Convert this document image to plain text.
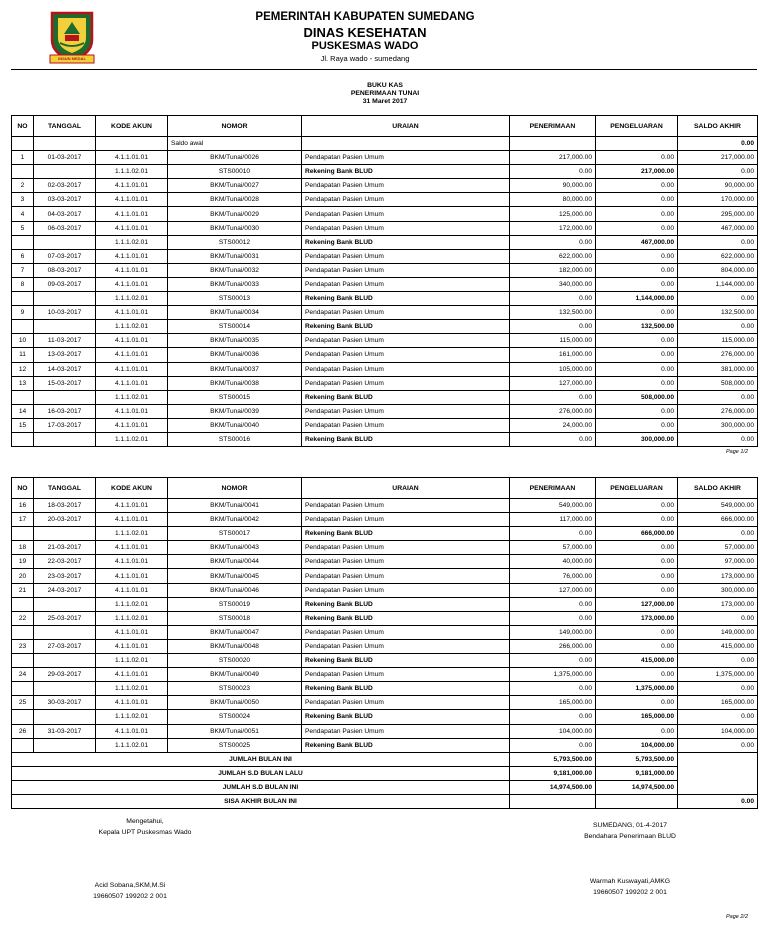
INSUN MEDAL
PEMERINTAH KABUPATEN SUMEDANG
DINAS KESEHATAN
PUSKESMAS WADO
Jl. Raya wado - sumedang
BUKU KAS
PENERIMAAN TUNAI
31 Maret 2017
NO	TANGGAL	KODE AKUN	NOMOR	URAIAN	PENERIMAAN	PENGELUARAN	SALDO AKHIR
			Saldo awal				0.00
1	01-03-2017	4.1.1.01.01	BKM/Tunai/0026	Pendapatan Pasien Umum	217,000.00	0.00	217,000.00
		1.1.1.02.01	STS00010	Rekening Bank BLUD	0.00	217,000.00	0.00
2	02-03-2017	4.1.1.01.01	BKM/Tunai/0027	Pendapatan Pasien Umum	90,000.00	0.00	90,000.00
3	03-03-2017	4.1.1.01.01	BKM/Tunai/0028	Pendapatan Pasien Umum	80,000.00	0.00	170,000.00
4	04-03-2017	4.1.1.01.01	BKM/Tunai/0029	Pendapatan Pasien Umum	125,000.00	0.00	295,000.00
5	06-03-2017	4.1.1.01.01	BKM/Tunai/0030	Pendapatan Pasien Umum	172,000.00	0.00	467,000.00
		1.1.1.02.01	STS00012	Rekening Bank BLUD	0.00	467,000.00	0.00
6	07-03-2017	4.1.1.01.01	BKM/Tunai/0031	Pendapatan Pasien Umum	622,000.00	0.00	622,000.00
7	08-03-2017	4.1.1.01.01	BKM/Tunai/0032	Pendapatan Pasien Umum	182,000.00	0.00	804,000.00
8	09-03-2017	4.1.1.01.01	BKM/Tunai/0033	Pendapatan Pasien Umum	340,000.00	0.00	1,144,000.00
		1.1.1.02.01	STS00013	Rekening Bank BLUD	0.00	1,144,000.00	0.00
9	10-03-2017	4.1.1.01.01	BKM/Tunai/0034	Pendapatan Pasien Umum	132,500.00	0.00	132,500.00
		1.1.1.02.01	STS00014	Rekening Bank BLUD	0.00	132,500.00	0.00
10	11-03-2017	4.1.1.01.01	BKM/Tunai/0035	Pendapatan Pasien Umum	115,000.00	0.00	115,000.00
11	13-03-2017	4.1.1.01.01	BKM/Tunai/0036	Pendapatan Pasien Umum	161,000.00	0.00	276,000.00
12	14-03-2017	4.1.1.01.01	BKM/Tunai/0037	Pendapatan Pasien Umum	105,000.00	0.00	381,000.00
13	15-03-2017	4.1.1.01.01	BKM/Tunai/0038	Pendapatan Pasien Umum	127,000.00	0.00	508,000.00
		1.1.1.02.01	STS00015	Rekening Bank BLUD	0.00	508,000.00	0.00
14	16-03-2017	4.1.1.01.01	BKM/Tunai/0039	Pendapatan Pasien Umum	276,000.00	0.00	276,000.00
15	17-03-2017	4.1.1.01.01	BKM/Tunai/0040	Pendapatan Pasien Umum	24,000.00	0.00	300,000.00
		1.1.1.02.01	STS00016	Rekening Bank BLUD	0.00	300,000.00	0.00
Page 1/2
NO	TANGGAL	KODE AKUN	NOMOR	URAIAN	PENERIMAAN	PENGELUARAN	SALDO AKHIR
16	18-03-2017	4.1.1.01.01	BKM/Tunai/0041	Pendapatan Pasien Umum	549,000.00	0.00	549,000.00
17	20-03-2017	4.1.1.01.01	BKM/Tunai/0042	Pendapatan Pasien Umum	117,000.00	0.00	666,000.00
		1.1.1.02.01	STS00017	Rekening Bank BLUD	0.00	666,000.00	0.00
18	21-03-2017	4.1.1.01.01	BKM/Tunai/0043	Pendapatan Pasien Umum	57,000.00	0.00	57,000.00
19	22-03-2017	4.1.1.01.01	BKM/Tunai/0044	Pendapatan Pasien Umum	40,000.00	0.00	97,000.00
20	23-03-2017	4.1.1.01.01	BKM/Tunai/0045	Pendapatan Pasien Umum	76,000.00	0.00	173,000.00
21	24-03-2017	4.1.1.01.01	BKM/Tunai/0046	Pendapatan Pasien Umum	127,000.00	0.00	300,000.00
		1.1.1.02.01	STS00019	Rekening Bank BLUD	0.00	127,000.00	173,000.00
22	25-03-2017	1.1.1.02.01	STS00018	Rekening Bank BLUD	0.00	173,000.00	0.00
		4.1.1.01.01	BKM/Tunai/0047	Pendapatan Pasien Umum	149,000.00	0.00	149,000.00
23	27-03-2017	4.1.1.01.01	BKM/Tunai/0048	Pendapatan Pasien Umum	266,000.00	0.00	415,000.00
		1.1.1.02.01	STS00020	Rekening Bank BLUD	0.00	415,000.00	0.00
24	29-03-2017	4.1.1.01.01	BKM/Tunai/0049	Pendapatan Pasien Umum	1,375,000.00	0.00	1,375,000.00
		1.1.1.02.01	STS00023	Rekening Bank BLUD	0.00	1,375,000.00	0.00
25	30-03-2017	4.1.1.01.01	BKM/Tunai/0050	Pendapatan Pasien Umum	165,000.00	0.00	165,000.00
		1.1.1.02.01	STS00024	Rekening Bank BLUD	0.00	165,000.00	0.00
26	31-03-2017	4.1.1.01.01	BKM/Tunai/0051	Pendapatan Pasien Umum	104,000.00	0.00	104,000.00
		1.1.1.02.01	STS00025	Rekening Bank BLUD	0.00	104,000.00	0.00
JUMLAH BULAN INI					5,793,500.00	5,793,500.00	
JUMLAH S.D BULAN LALU					9,181,000.00	9,181,000.00	
JUMLAH S.D BULAN INI					14,974,500.00	14,974,500.00	
SISA AKHIR BULAN INI							0.00
Mengetahui,
Kepala UPT Puskesmas Wado
Acid Sobana,SKM,M.Si
19660507 199202 2 001
SUMEDANG, 01-4-2017
Bendahara Penerimaan BLUD
Warmah Kuswayati,AMKG
19660507 199202 2 001
Page 2/2
